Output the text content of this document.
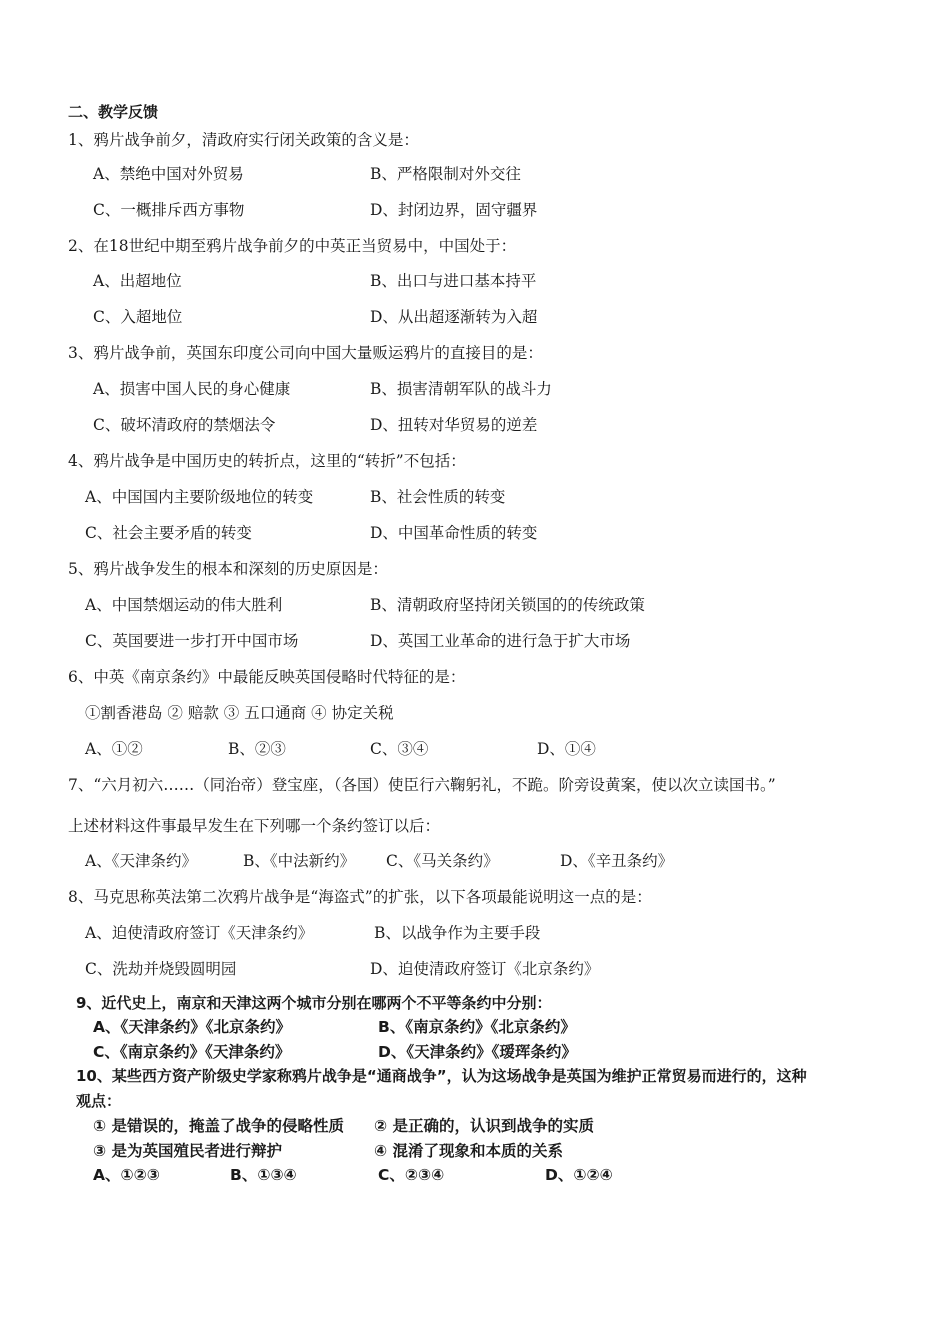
二、教学反馈
1、鸦片战争前夕，清政府实行闭关政策的含义是：
A、禁绝中国对外贸易	B、严格限制对外交往
C、一概排斥西方事物	D、封闭边界，固守疆界
2、在18世纪中期至鸦片战争前夕的中英正当贸易中，中国处于：
A、出超地位	B、出口与进口基本持平
C、入超地位	D、从出超逐渐转为入超
3、鸦片战争前，英国东印度公司向中国大量贩运鸦片的直接目的是：
A、损害中国人民的身心健康	B、损害清朝军队的战斗力
C、破坏清政府的禁烟法令	D、扭转对华贸易的逆差
4、鸦片战争是中国历史的转折点，这里的“转折”不包括：
A、中国国内主要阶级地位的转变	B、社会性质的转变
C、社会主要矛盾的转变	D、中国革命性质的转变
5、鸦片战争发生的根本和深刻的历史原因是：
A、中国禁烟运动的伟大胜利	B、清朝政府坚持闭关锁国的的传统政策
C、英国要进一步打开中国市场	D、英国工业革命的进行急于扩大市场
6、中英《南京条约》中最能反映英国侵略时代特征的是：
①割香港岛 ② 赔款 ③ 五口通商 ④ 协定关税
A、①②	B、②③	C、③④	D、①④
7、“六月初六……（同治帝）登宝座，（各国）使臣行六鞠躬礼，不跪。阶旁设黄案，使以次立读国书。”
上述材料这件事最早发生在下列哪一个条约签订以后：
A、《天津条约》	B、《中法新约》 C、《马关条约》	D、《辛丑条约》
8、马克思称英法第二次鸦片战争是“海盗式”的扩张，以下各项最能说明这一点的是：
A、迫使清政府签订《天津条约》	B、以战争作为主要手段
C、洗劫并烧毁圆明园	D、迫使清政府签订《北京条约》
9、近代史上，南京和天津这两个城市分别在哪两个不平等条约中分别：
A、《天津条约》《北京条约》	B、《南京条约》《北京条约》
C、《南京条约》《天津条约》	D、《天津条约》《瑷珲条约》
10、某些西方资产阶级史学家称鸦片战争是“通商战争”，认为这场战争是英国为维护正常贸易而进行的，这种
观点：
① 是错误的，掩盖了战争的侵略性质 ② 是正确的，认识到战争的实质
③ 是为英国殖民者进行辩护	④ 混淆了现象和本质的关系
A、①②③	B、①③④	C、②③④	D、①②④
